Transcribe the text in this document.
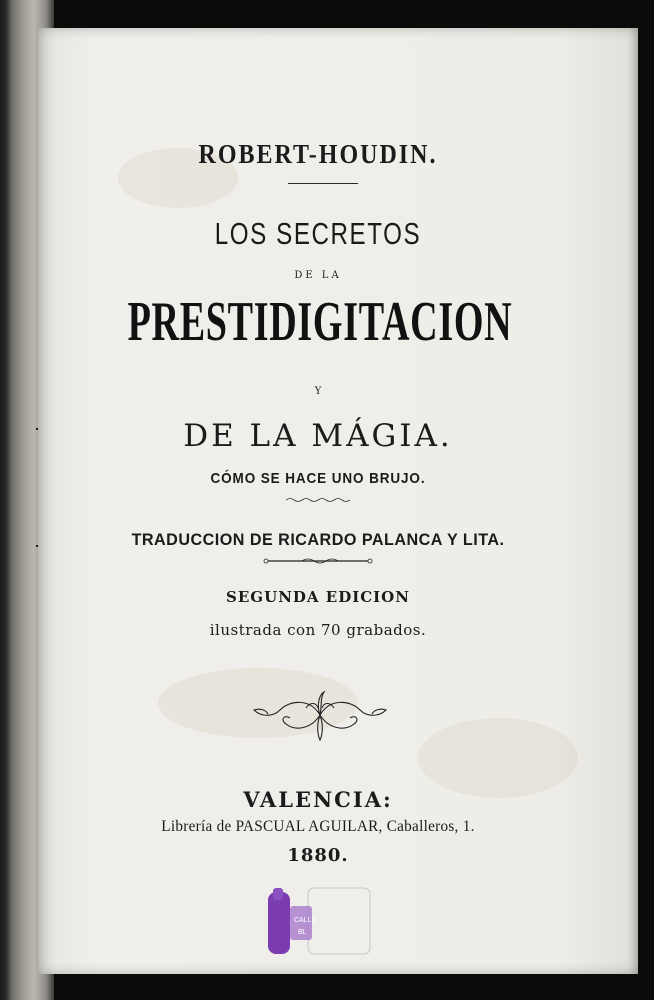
ROBERT-HOUDIN.
LOS SECRETOS
DE LA
PRESTIDIGITACION
Y
DE LA MÁGIA.
CÓMO SE HACE UNO BRUJO.
TRADUCCION DE RICARDO PALANCA Y LITA.
SEGUNDA EDICION
ilustrada con 70 grabados.
VALENCIA:
Librería de PASCUAL AGUILAR, Caballeros, 1.
1880.
CALLE
BL
